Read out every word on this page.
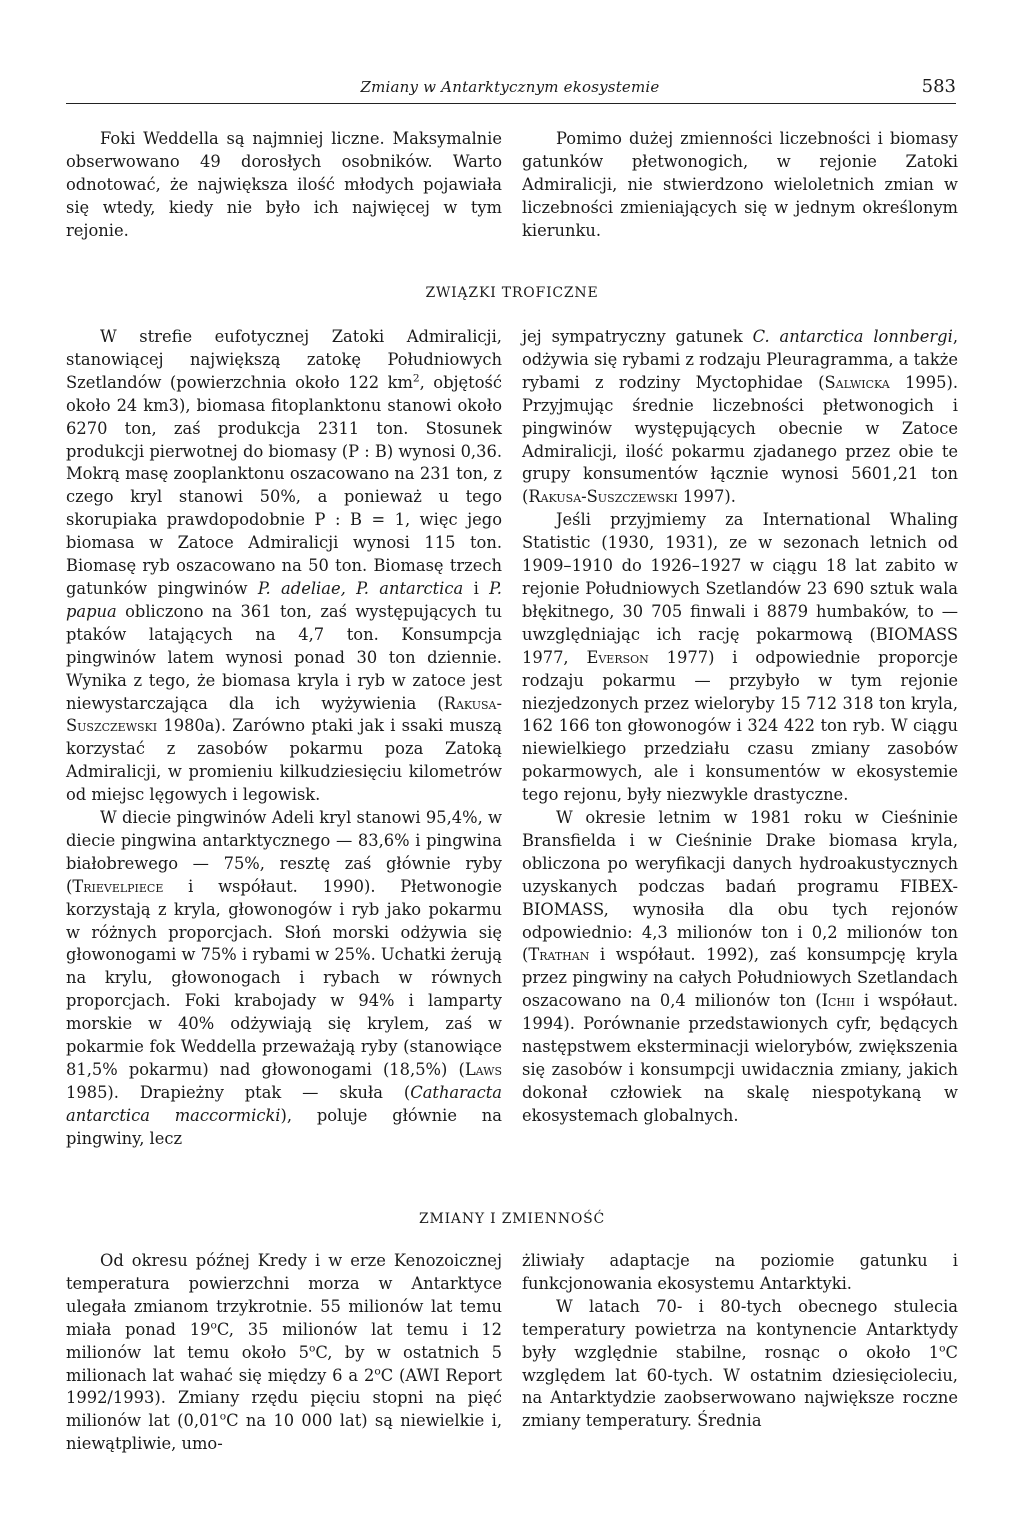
Zmiany w Antarktycznym ekosystemie	583

Foki Weddella są najmniej liczne. Maksymalnie obserwowano 49 dorosłych osobników. Warto odnotować, że największa ilość młodych pojawiała się wtedy, kiedy nie było ich najwięcej w tym rejonie.

Pomimo dużej zmienności liczebności i biomasy gatunków płetwonogich, w rejonie Zatoki Admiralicji, nie stwierdzono wieloletnich zmian w liczebności zmieniających się w jednym określonym kierunku.

ZWIĄZKI TROFICZNE

W strefie eufotycznej Zatoki Admiralicji, stanowiącej największą zatokę Południowych Szetlandów (powierzchnia około 122 $km^2$, objętość około 24 km3), biomasa fitoplanktonu stanowi około 6270 ton, zaś produkcja 2311 ton. Stosunek produkcji pierwotnej do biomasy (P : B) wynosi 0,36. Mokrą masę zooplanktonu oszacowano na 231 ton, z czego kryl stanowi 50%, a ponieważ u tego skorupiaka prawdopodobnie P : B = 1, więc jego biomasa w Zatoce Admiralicji wynosi 115 ton. Biomasę ryb oszacowano na 50 ton. Biomasę trzech gatunków pingwinów P. adeliae, P. antarctica i P. papua obliczono na 361 ton, zaś występujących tu ptaków latających na 4,7 ton. Konsumpcja pingwinów latem wynosi ponad 30 ton dziennie. Wynika z tego, że biomasa kryla i ryb w zatoce jest niewystarczająca dla ich wyżywienia (Rakusa-Suszczewski 1980a). Zarówno ptaki jak i ssaki muszą korzystać z zasobów pokarmu poza Zatoką Admiralicji, w promieniu kilkudziesięciu kilometrów od miejsc lęgowych i legowisk.

W diecie pingwinów Adeli kryl stanowi 95,4%, w diecie pingwina antarktycznego — 83,6% i pingwina białobrewego — 75%, resztę zaś głównie ryby (Trievelpiece i współaut. 1990). Płetwonogie korzystają z kryla, głowonogów i ryb jako pokarmu w różnych proporcjach. Słoń morski odżywia się głowonogami w 75% i rybami w 25%. Uchatki żerują na krylu, głowonogach i rybach w równych proporcjach. Foki krabojady w 94% i lamparty morskie w 40% odżywiają się krylem, zaś w pokarmie fok Weddella przeważają ryby (stanowiące 81,5% pokarmu) nad głowonogami (18,5%) (Laws 1985). Drapieżny ptak — skuła (Catharacta antarctica maccormicki), poluje głównie na pingwiny, lecz

jej sympatryczny gatunek C. antarctica lonnbergi, odżywia się rybami z rodzaju Pleuragramma, a także rybami z rodziny Myctophidae (Salwicka 1995). Przyjmując średnie liczebności płetwonogich i pingwinów występujących obecnie w Zatoce Admiralicji, ilość pokarmu zjadanego przez obie te grupy konsumentów łącznie wynosi 5601,21 ton (Rakusa-Suszczewski 1997).

Jeśli przyjmiemy za International Whaling Statistic (1930, 1931), ze w sezonach letnich od 1909–1910 do 1926–1927 w ciągu 18 lat zabito w rejonie Południowych Szetlandów 23 690 sztuk wala błękitnego, 30 705 finwali i 8879 humbaków, to — uwzględniając ich rację pokarmową (BIOMASS 1977, Everson 1977) i odpowiednie proporcje rodzaju pokarmu — przybyło w tym rejonie niezjedzonych przez wieloryby 15 712 318 ton kryla, 162 166 ton głowonogów i 324 422 ton ryb. W ciągu niewielkiego przedziału czasu zmiany zasobów pokarmowych, ale i konsumentów w ekosystemie tego rejonu, były niezwykle drastyczne.

W okresie letnim w 1981 roku w Cieśninie Bransfielda i w Cieśninie Drake biomasa kryla, obliczona po weryfikacji danych hydroakustycznych uzyskanych podczas badań programu FIBEX-BIOMASS, wynosiła dla obu tych rejonów odpowiednio: 4,3 milionów ton i 0,2 milionów ton (Trathan i współaut. 1992), zaś konsumpcję kryla przez pingwiny na całych Południowych Szetlandach oszacowano na 0,4 milionów ton (Ichii i współaut. 1994). Porównanie przedstawionych cyfr, będących następstwem eksterminacji wielorybów, zwiększenia się zasobów i konsumpcji uwidacznia zmiany, jakich dokonał człowiek na skalę niespotykaną w ekosystemach globalnych.

ZMIANY I ZMIENNOŚĆ

Od okresu późnej Kredy i w erze Kenozoicznej temperatura powierzchni morza w Antarktyce ulegała zmianom trzykrotnie. 55 milionów lat temu miała ponad 19$^o$C, 35 milionów lat temu i 12 milionów lat temu około 5$^o$C, by w ostatnich 5 milionach lat wahać się między 6 a 2$^o$C (AWI Report 1992/1993). Zmiany rzędu pięciu stopni na pięć milionów lat (0,01$^o$C na 10 000 lat) są niewielkie i, niewątpliwie, umo-

żliwiały adaptacje na poziomie gatunku i funkcjonowania ekosystemu Antarktyki.

W latach 70- i 80-tych obecnego stulecia temperatury powietrza na kontynencie Antarktydy były względnie stabilne, rosnąc o około 1$^o$C względem lat 60-tych. W ostatnim dziesięcioleciu, na Antarktydzie zaobserwowano największe roczne zmiany temperatury. Średnia
